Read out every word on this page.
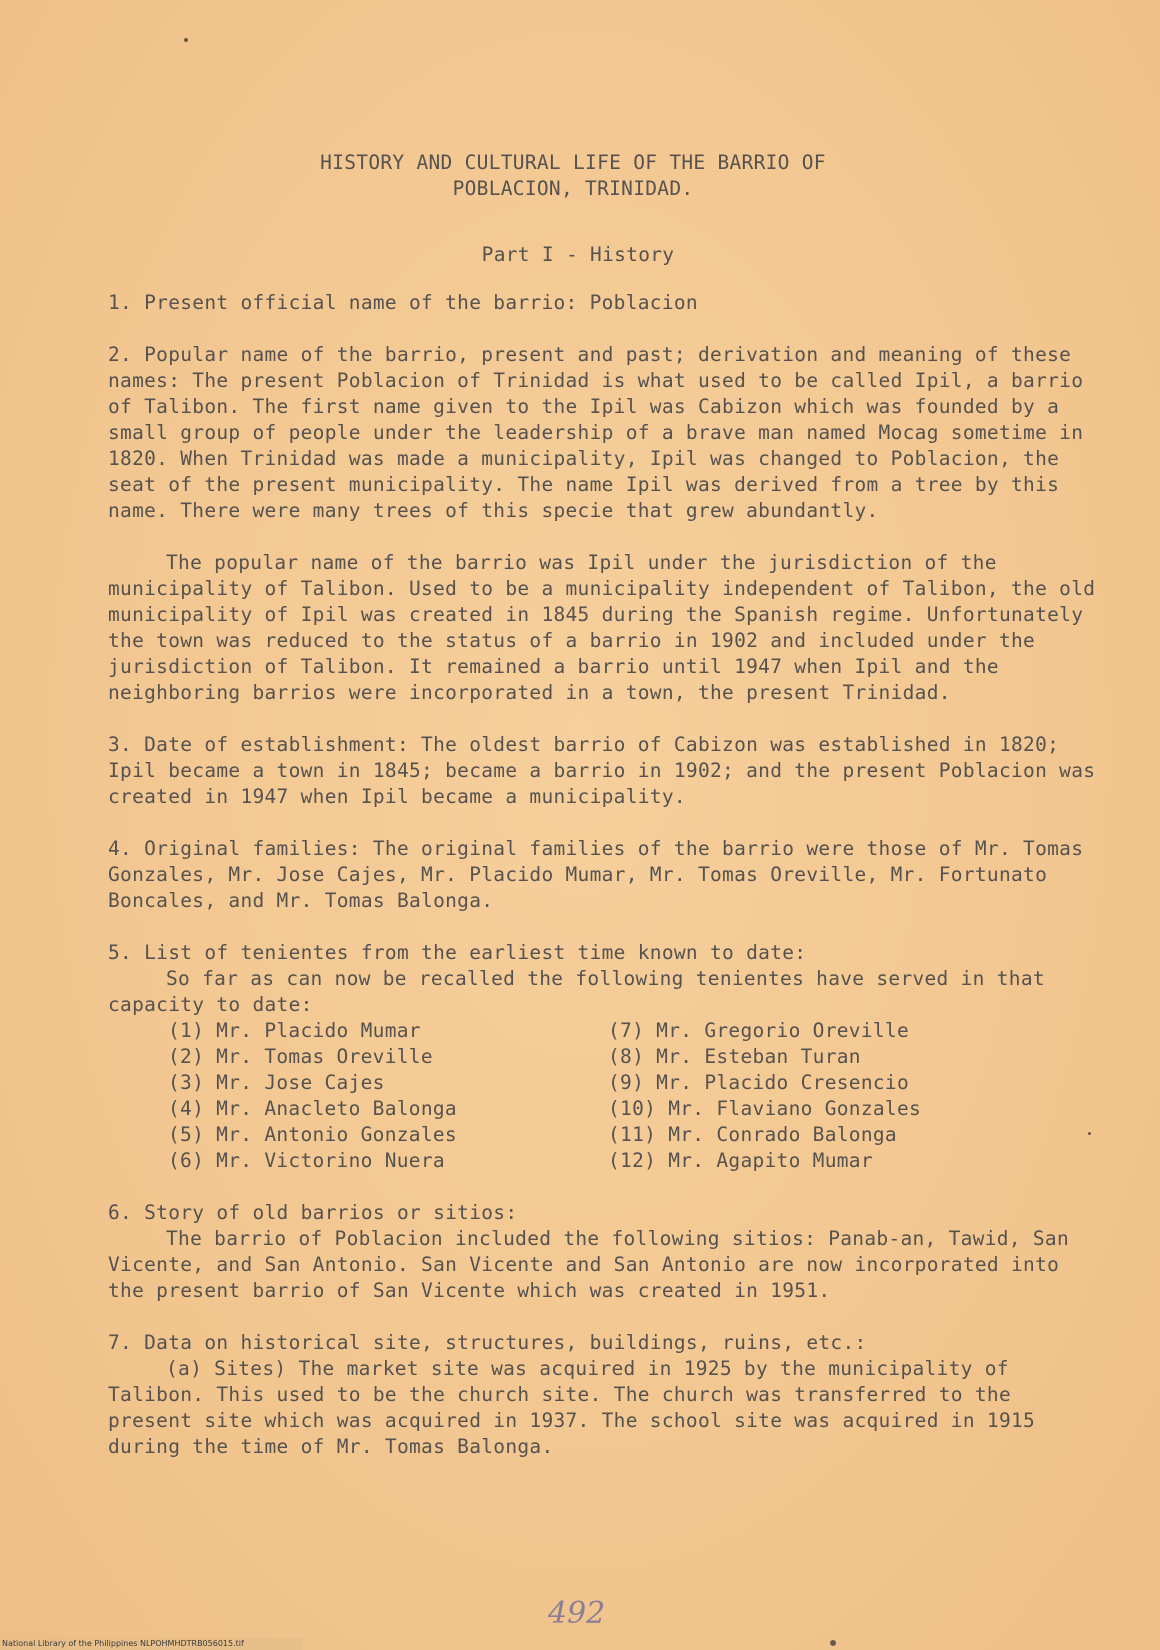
HISTORY AND CULTURAL LIFE OF THE BARRIO OF
POBLACION, TRINIDAD.
Part I - History

1. Present official name of the barrio: Poblacion

2. Popular name of the barrio, present and past; derivation and meaning of these names: The present Poblacion of Trinidad is what used to be called Ipil, a barrio of Talibon. The first name given to the Ipil was Cabizon which was founded by a small group of people under the leadership of a brave man named Mocag sometime in 1820. When Trinidad was made a municipality, Ipil was changed to Poblacion, the seat of the present municipality. The name Ipil was derived from a tree by this name. There were many trees of this specie that grew abundantly.

The popular name of the barrio was Ipil under the jurisdiction of the municipality of Talibon. Used to be a municipality independent of Talibon, the old municipality of Ipil was created in 1845 during the Spanish regime. Unfortunately the town was reduced to the status of a barrio in 1902 and included under the jurisdiction of Talibon. It remained a barrio until 1947 when Ipil and the neighboring barrios were incorporated in a town, the present Trinidad.

3. Date of establishment: The oldest barrio of Cabizon was established in 1820; Ipil became a town in 1845; became a barrio in 1902; and the present Poblacion was created in 1947 when Ipil became a municipality.

4. Original families: The original families of the barrio were those of Mr. Tomas Gonzales, Mr. Jose Cajes, Mr. Placido Mumar, Mr. Tomas Oreville, Mr. Fortunato Boncales, and Mr. Tomas Balonga.

5. List of tenientes from the earliest time known to date:

So far as can now be recalled the following tenientes have served in that capacity to date:

(1) Mr. Placido Mumar	(7) Mr. Gregorio Oreville
(2) Mr. Tomas Oreville	(8) Mr. Esteban Turan
(3) Mr. Jose Cajes	(9) Mr. Placido Cresencio
(4) Mr. Anacleto Balonga	(10) Mr. Flaviano Gonzales
(5) Mr. Antonio Gonzales	(11) Mr. Conrado Balonga
(6) Mr. Victorino Nuera	(12) Mr. Agapito Mumar

6. Story of old barrios or sitios:

The barrio of Poblacion included the following sitios: Panab-an, Tawid, San Vicente, and San Antonio. San Vicente and San Antonio are now incorporated into the present barrio of San Vicente which was created in 1951.

7. Data on historical site, structures, buildings, ruins, etc.:

(a) Sites) The market site was acquired in 1925 by the municipality of Talibon. This used to be the church site. The church was transferred to the present site which was acquired in 1937. The school site was acquired in 1915 during the time of Mr. Tomas Balonga.

492
National Library of the Philippines NLPOHMHDTRB056015.tif
